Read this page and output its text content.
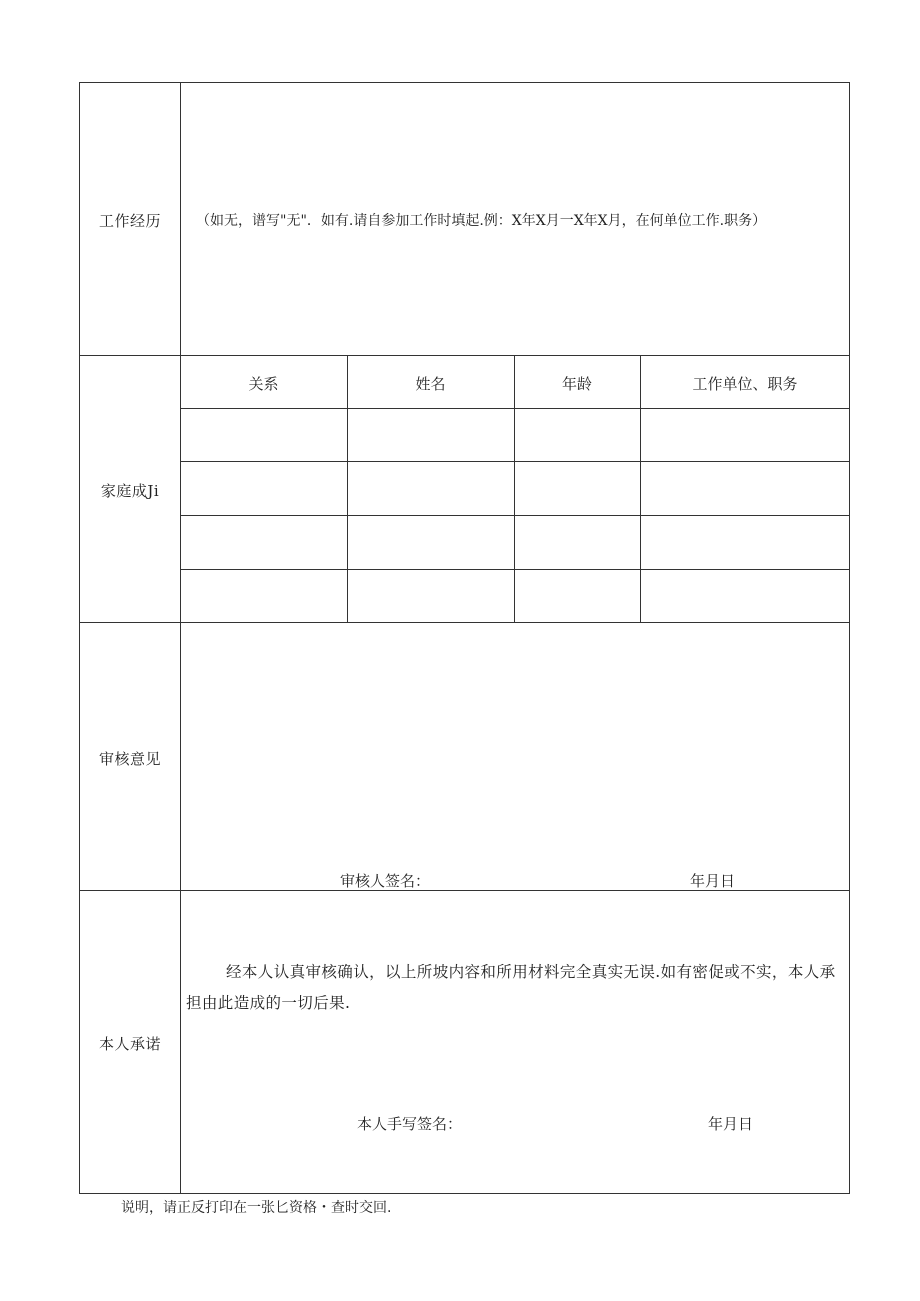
工作经历	（如无，谱写"无"．如有.请自参加工作时填起.例：X年X月一X年X月，在何单位工作.职务）
家庭成Ji
关系	姓名	年龄	工作单位、职务
审核意见
审核人签名：	年月日
本人承诺
经本人认真审核确认，以上所坡内容和所用材料完全真实无误.如有密促或不实，本人承担由此造成的一切后果.
本人手写签名：	年月日
说明，请正反打印在一张匕资格・查时交回.
